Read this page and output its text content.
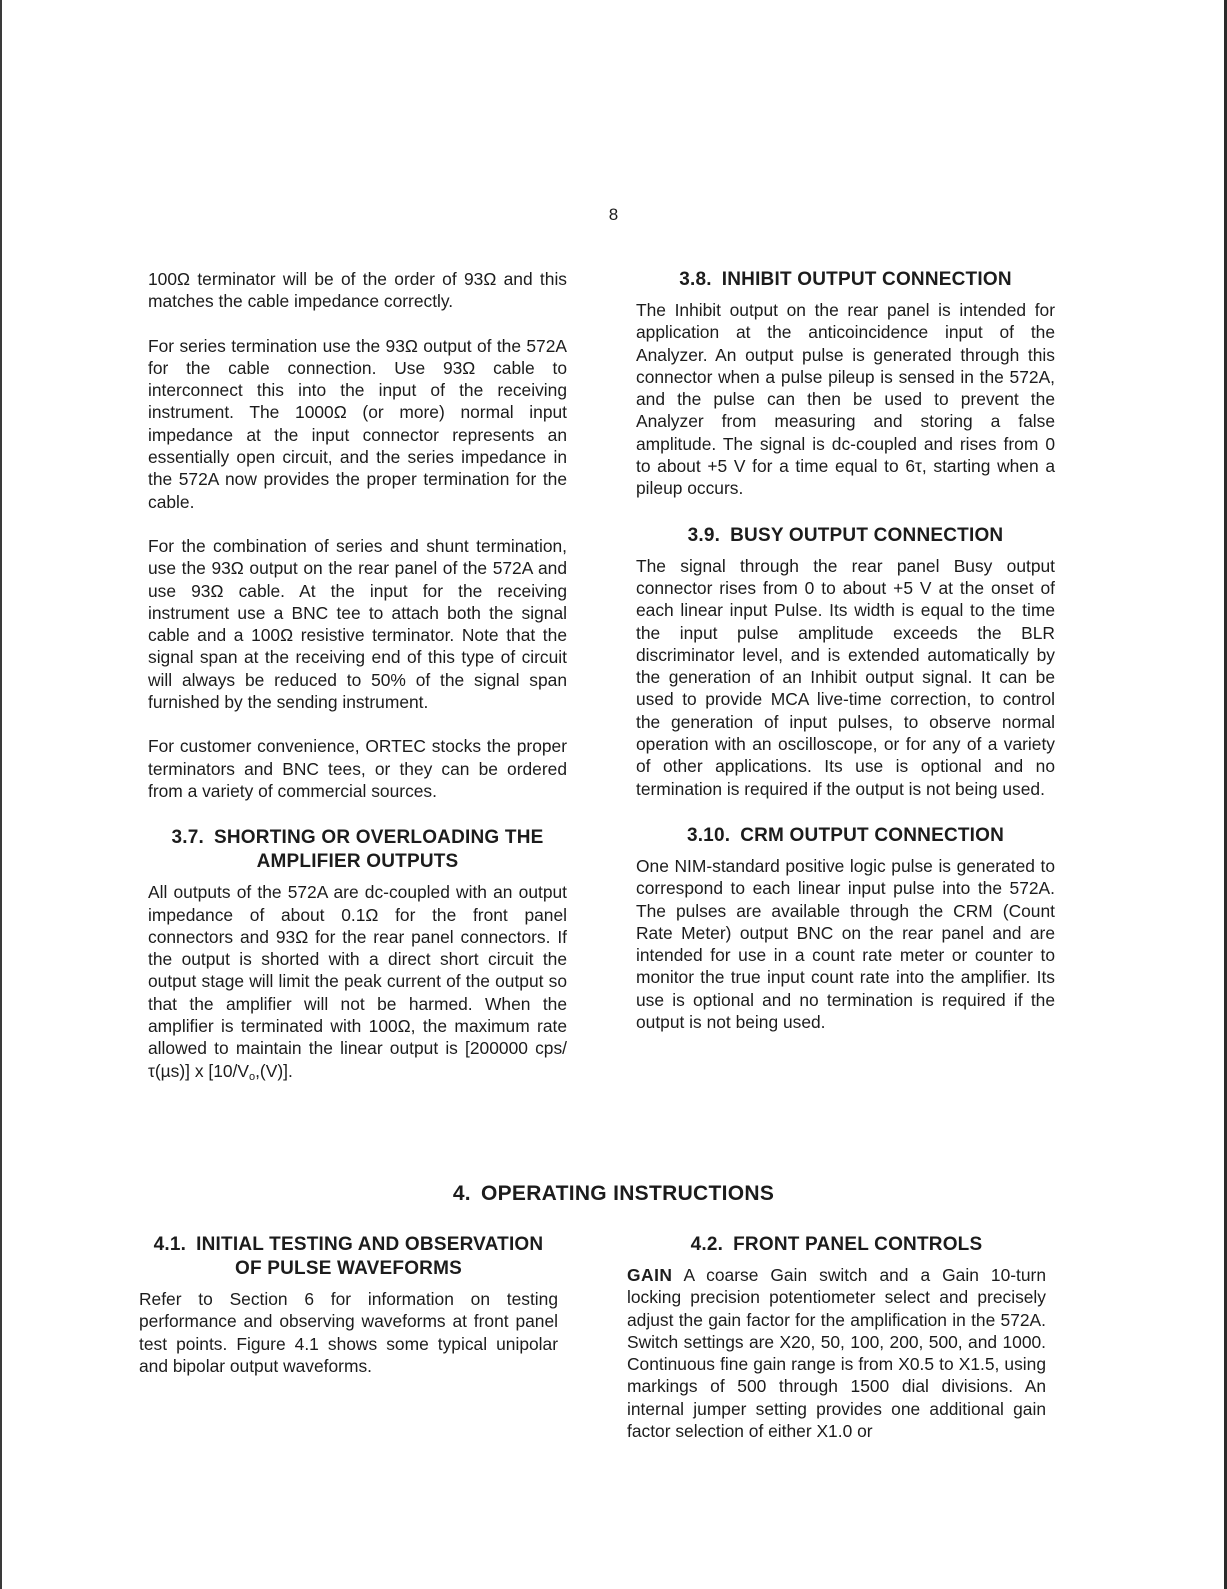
8

100Ω terminator will be of the order of 93Ω and this matches the cable impedance correctly.

For series termination use the 93Ω output of the 572A for the cable connection. Use 93Ω cable to interconnect this into the input of the receiving instrument. The 1000Ω (or more) normal input impedance at the input connector represents an essentially open circuit, and the series impedance in the 572A now provides the proper termination for the cable.

For the combination of series and shunt termination, use the 93Ω output on the rear panel of the 572A and use 93Ω cable. At the input for the receiving instrument use a BNC tee to attach both the signal cable and a 100Ω resistive terminator. Note that the signal span at the receiving end of this type of circuit will always be reduced to 50% of the signal span furnished by the sending instrument.

For customer convenience, ORTEC stocks the proper terminators and BNC tees, or they can be ordered from a variety of commercial sources.

3.7. SHORTING OR OVERLOADING THE AMPLIFIER OUTPUTS

All outputs of the 572A are dc-coupled with an output impedance of about 0.1Ω for the front panel connectors and 93Ω for the rear panel connectors. If the output is shorted with a direct short circuit the output stage will limit the peak current of the output so that the amplifier will not be harmed. When the amplifier is terminated with 100Ω, the maximum rate allowed to maintain the linear output is [200000 cps/τ(µs)] x $[10/V_o,(V)]$.

3.8. INHIBIT OUTPUT CONNECTION

The Inhibit output on the rear panel is intended for application at the anticoincidence input of the Analyzer. An output pulse is generated through this connector when a pulse pileup is sensed in the 572A, and the pulse can then be used to prevent the Analyzer from measuring and storing a false amplitude. The signal is dc-coupled and rises from 0 to about +5 V for a time equal to 6τ, starting when a pileup occurs.

3.9. BUSY OUTPUT CONNECTION

The signal through the rear panel Busy output connector rises from 0 to about +5 V at the onset of each linear input Pulse. Its width is equal to the time the input pulse amplitude exceeds the BLR discriminator level, and is extended automatically by the generation of an Inhibit output signal. It can be used to provide MCA live-time correction, to control the generation of input pulses, to observe normal operation with an oscilloscope, or for any of a variety of other applications. Its use is optional and no termination is required if the output is not being used.

3.10. CRM OUTPUT CONNECTION

One NIM-standard positive logic pulse is generated to correspond to each linear input pulse into the 572A. The pulses are available through the CRM (Count Rate Meter) output BNC on the rear panel and are intended for use in a count rate meter or counter to monitor the true input count rate into the amplifier. Its use is optional and no termination is required if the output is not being used.

4. OPERATING INSTRUCTIONS
4.1. INITIAL TESTING AND OBSERVATION OF PULSE WAVEFORMS

Refer to Section 6 for information on testing performance and observing waveforms at front panel test points. Figure 4.1 shows some typical unipolar and bipolar output waveforms.

4.2. FRONT PANEL CONTROLS

GAIN A coarse Gain switch and a Gain 10-turn locking precision potentiometer select and precisely adjust the gain factor for the amplification in the 572A. Switch settings are X20, 50, 100, 200, 500, and 1000. Continuous fine gain range is from X0.5 to X1.5, using markings of 500 through 1500 dial divisions. An internal jumper setting provides one additional gain factor selection of either X1.0 or
